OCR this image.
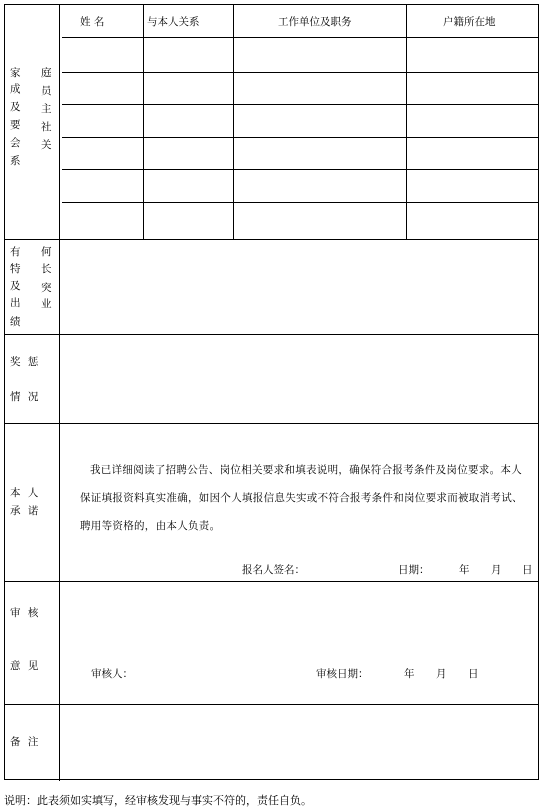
家 庭
成 员
及 主
要 社
会 关
系
姓 名	与本人关系	工作单位及职务	户籍所在地
有 何
特 长
及 突
出 业
绩
奖 惩
情 况
本 人
承 诺
我已详细阅读了招聘公告、岗位相关要求和填表说明，确保符合报考条件及岗位要求。本人保证填报资料真实准确，如因个人填报信息失实或不符合报考条件和岗位要求而被取消考试、聘用等资格的，由本人负责。
报名人签名：	日期：	年 月 日
审 核
意 见
审核人：	审核日期：	年 月 日
备 注
说明：此表须如实填写，经审核发现与事实不符的，责任自负。
